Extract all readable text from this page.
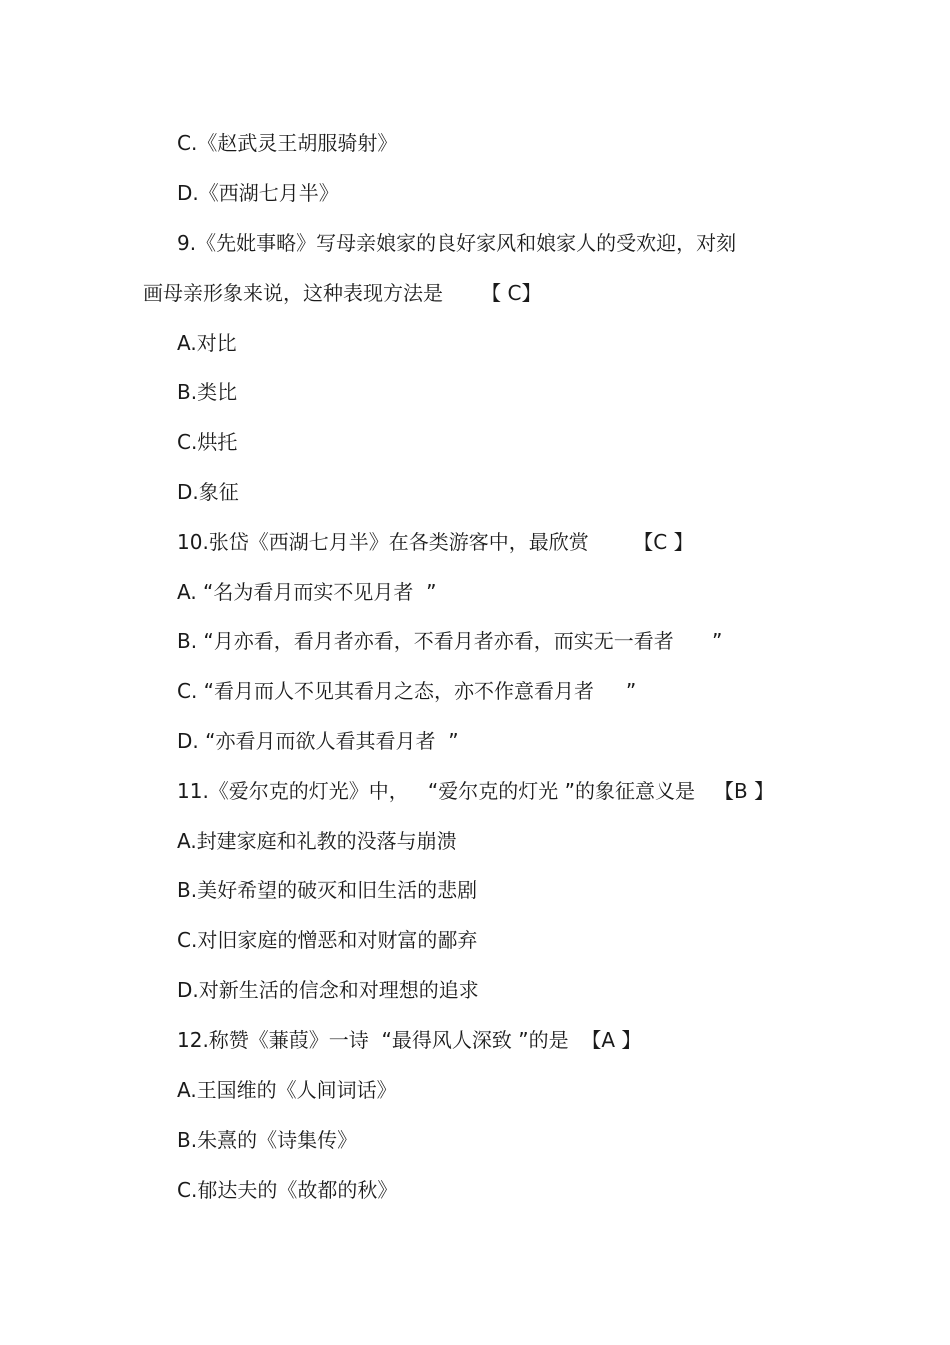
C.《赵武灵王胡服骑射》
D.《西湖七月半》
9.《先妣事略》写母亲娘家的良好家风和娘家人的受欢迎，对刻
画母亲形象来说，这种表现方法是      【 C】
A.对比
B.类比
C.烘托
D.象征
10.张岱《西湖七月半》在各类游客中，最欣赏       【C 】
A. “名为看月而实不见月者  ”
B. “月亦看，看月者亦看，不看月者亦看，而实无一看者      ”
C. “看月而人不见其看月之态，亦不作意看月者     ”
D. “亦看月而欲人看其看月者  ”
11.《爱尔克的灯光》中，   “爱尔克的灯光 ”的象征意义是   【B 】
A.封建家庭和礼教的没落与崩溃
B.美好希望的破灭和旧生活的悲剧
C.对旧家庭的憎恶和对财富的鄙弃
D.对新生活的信念和对理想的追求
12.称赞《蒹葭》一诗  “最得风人深致 ”的是  【A 】
A.王国维的《人间词话》
B.朱熹的《诗集传》
C.郁达夫的《故都的秋》
